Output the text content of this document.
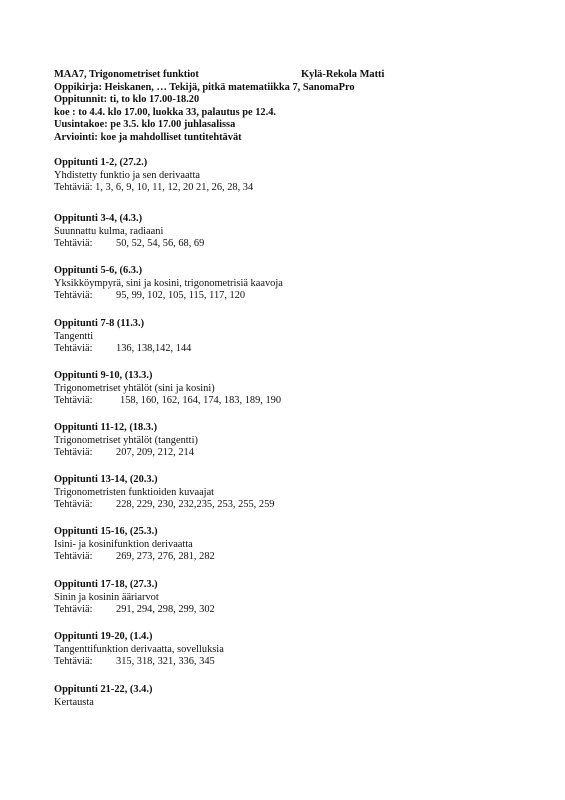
MAA7, Trigonometriset funktiot	Kylä-Rekola Matti
Oppikirja: Heiskanen, … Tekijä, pitkä matematiikka 7, SanomaPro
Oppitunnit: ti, to klo 17.00-18.20
koe : to 4.4. klo 17.00, luokka 33, palautus pe 12.4.
Uusintakoe: pe 3.5. klo 17.00 juhlasalissa
Arviointi: koe ja mahdolliset tuntitehtävät
Oppitunti 1-2, (27.2.)
Yhdistetty funktio ja sen derivaatta
Tehtäviä: 1, 3, 6, 9, 10, 11, 12, 20 21, 26, 28, 34
Oppitunti 3-4, (4.3.)
Suunnattu kulma, radiaani
Tehtäviä: 50, 52, 54, 56, 68, 69
Oppitunti 5-6, (6.3.)
Yksikköympyrä, sini ja kosini, trigonometrisiä kaavoja
Tehtäviä: 95, 99, 102, 105, 115, 117, 120
Oppitunti 7-8 (11.3.)
Tangentti
Tehtäviä: 136, 138,142, 144
Oppitunti 9-10, (13.3.)
Trigonometriset yhtälöt (sini ja kosini)
Tehtäviä:	158, 160, 162, 164, 174, 183, 189, 190
Oppitunti 11-12, (18.3.)
Trigonometriset yhtälöt (tangentti)
Tehtäviä: 207, 209, 212, 214
Oppitunti 13-14, (20.3.)
Trigonometristen funktioiden kuvaajat
Tehtäviä: 228, 229, 230, 232,235, 253, 255, 259
Oppitunti 15-16, (25.3.)
Isini- ja kosinifunktion derivaatta
Tehtäviä: 269, 273, 276, 281, 282
Oppitunti 17-18, (27.3.)
Sinin ja kosinin ääriarvot
Tehtäviä: 291, 294, 298, 299, 302
Oppitunti 19-20, (1.4.)
Tangenttifunktion derivaatta, sovelluksia
Tehtäviä: 315, 318, 321, 336, 345
Oppitunti 21-22, (3.4.)
Kertausta
